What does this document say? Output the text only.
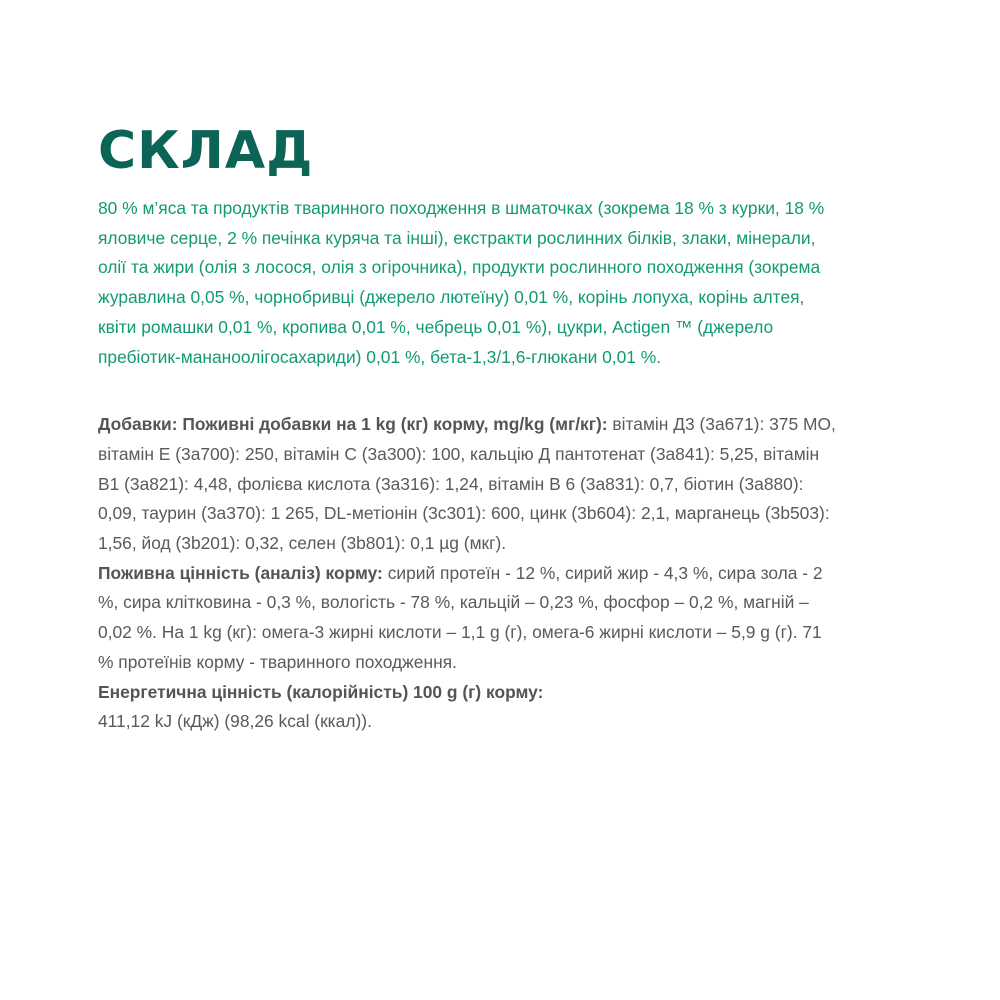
СКЛАД

80 % м’яса та продуктів тваринного походження в шматочках (зокрема 18 % з курки, 18 % яловиче серце, 2 % печінка куряча та інші), екстракти рослинних білків, злаки, мінерали, олії та жири (олія з лосося, олія з огірочника), продукти рослинного походження (зокрема журавлина 0,05 %, чорнобривці (джерело лютеїну) 0,01 %, корінь лопуха, корінь алтея, квіти ромашки 0,01 %, кропива 0,01 %, чебрець 0,01 %), цукри, Actigen ™ (джерело пребіотик-мананоолігосахариди) 0,01 %, бета-1,3/1,6-глюкани 0,01 %.

Добавки: Поживні добавки на 1 kg (кг) корму, mg/kg (мг/кг): вітамін Д3 (3а671): 375 МО, вітамін Е (3а700): 250, вітамін С (3а300): 100, кальцію Д пантотенат (3а841): 5,25, вітамін В1 (3а821): 4,48, фолієва кислота (3а316): 1,24, вітамін В 6 (3а831): 0,7, біотин (3а880): 0,09, таурин (3а370): 1 265, DL-метіонін (3с301): 600, цинк (3b604): 2,1, марганець (3b503): 1,56, йод (3b201): 0,32, селен (3b801): 0,1 µg (мкг).

Поживна цінність (аналіз) корму: сирий протеїн - 12 %, сирий жир - 4,3 %, сира зола - 2 %, сира клітковина - 0,3 %, вологість - 78 %, кальцій – 0,23 %, фосфор – 0,2 %, магній – 0,02 %. На 1 kg (кг): омега-3 жирні кислоти – 1,1 g (г), омега-6 жирні кислоти – 5,9 g (г). 71 % протеїнів корму - тваринного походження.

Енергетична цінність (калорійність) 100 g (г) корму:
411,12 kJ (кДж) (98,26 kcal (ккал)).
